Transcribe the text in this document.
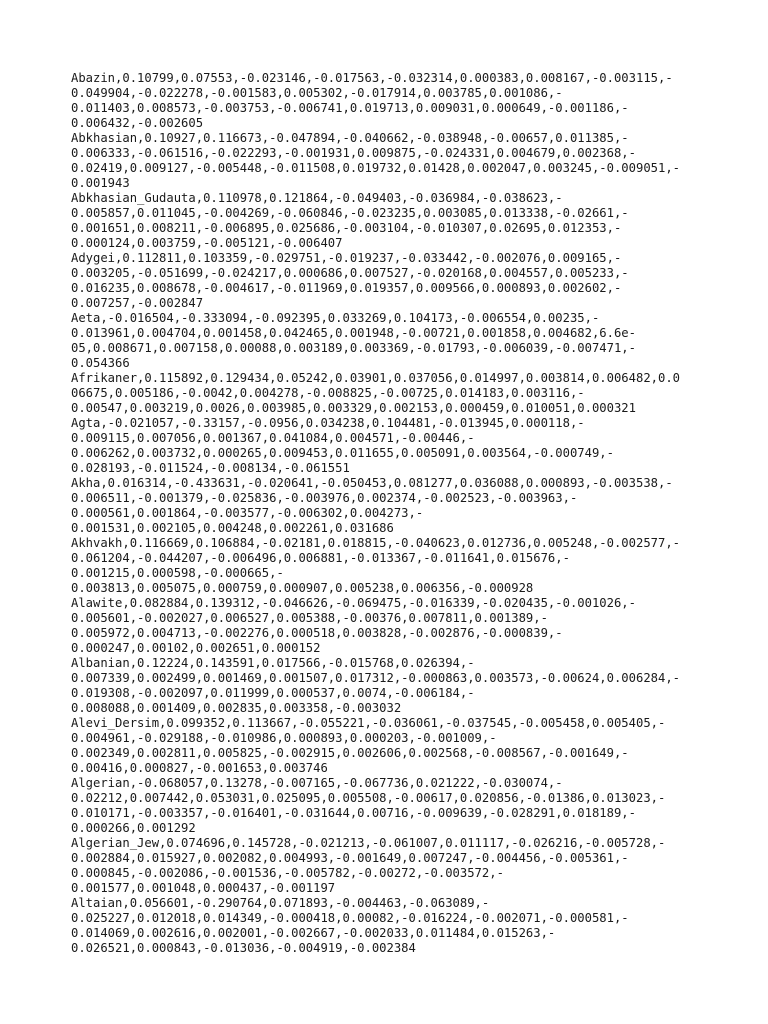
Abazin,0.10799,0.07553,-0.023146,-0.017563,-0.032314,0.000383,0.008167,-0.003115,-
0.049904,-0.022278,-0.001583,0.005302,-0.017914,0.003785,0.001086,-
0.011403,0.008573,-0.003753,-0.006741,0.019713,0.009031,0.000649,-0.001186,-
0.006432,-0.002605
Abkhasian,0.10927,0.116673,-0.047894,-0.040662,-0.038948,-0.00657,0.011385,-
0.006333,-0.061516,-0.022293,-0.001931,0.009875,-0.024331,0.004679,0.002368,-
0.02419,0.009127,-0.005448,-0.011508,0.019732,0.01428,0.002047,0.003245,-0.009051,-
0.001943
Abkhasian_Gudauta,0.110978,0.121864,-0.049403,-0.036984,-0.038623,-
0.005857,0.011045,-0.004269,-0.060846,-0.023235,0.003085,0.013338,-0.02661,-
0.001651,0.008211,-0.006895,0.025686,-0.003104,-0.010307,0.02695,0.012353,-
0.000124,0.003759,-0.005121,-0.006407
Adygei,0.112811,0.103359,-0.029751,-0.019237,-0.033442,-0.002076,0.009165,-
0.003205,-0.051699,-0.024217,0.000686,0.007527,-0.020168,0.004557,0.005233,-
0.016235,0.008678,-0.004617,-0.011969,0.019357,0.009566,0.000893,0.002602,-
0.007257,-0.002847
Aeta,-0.016504,-0.333094,-0.092395,0.033269,0.104173,-0.006554,0.00235,-
0.013961,0.004704,0.001458,0.042465,0.001948,-0.00721,0.001858,0.004682,6.6e-
05,0.008671,0.007158,0.00088,0.003189,0.003369,-0.01793,-0.006039,-0.007471,-
0.054366
Afrikaner,0.115892,0.129434,0.05242,0.03901,0.037056,0.014997,0.003814,0.006482,0.0
06675,0.005186,-0.0042,0.004278,-0.008825,-0.00725,0.014183,0.003116,-
0.00547,0.003219,0.0026,0.003985,0.003329,0.002153,0.000459,0.010051,0.000321
Agta,-0.021057,-0.33157,-0.0956,0.034238,0.104481,-0.013945,0.000118,-
0.009115,0.007056,0.001367,0.041084,0.004571,-0.00446,-
0.006262,0.003732,0.000265,0.009453,0.011655,0.005091,0.003564,-0.000749,-
0.028193,-0.011524,-0.008134,-0.061551
Akha,0.016314,-0.433631,-0.020641,-0.050453,0.081277,0.036088,0.000893,-0.003538,-
0.006511,-0.001379,-0.025836,-0.003976,0.002374,-0.002523,-0.003963,-
0.000561,0.001864,-0.003577,-0.006302,0.004273,-
0.001531,0.002105,0.004248,0.002261,0.031686
Akhvakh,0.116669,0.106884,-0.02181,0.018815,-0.040623,0.012736,0.005248,-0.002577,-
0.061204,-0.044207,-0.006496,0.006881,-0.013367,-0.011641,0.015676,-
0.001215,0.000598,-0.000665,-
0.003813,0.005075,0.000759,0.000907,0.005238,0.006356,-0.000928
Alawite,0.082884,0.139312,-0.046626,-0.069475,-0.016339,-0.020435,-0.001026,-
0.005601,-0.002027,0.006527,0.005388,-0.00376,0.007811,0.001389,-
0.005972,0.004713,-0.002276,0.000518,0.003828,-0.002876,-0.000839,-
0.000247,0.00102,0.002651,0.000152
Albanian,0.12224,0.143591,0.017566,-0.015768,0.026394,-
0.007339,0.002499,0.001469,0.001507,0.017312,-0.000863,0.003573,-0.00624,0.006284,-
0.019308,-0.002097,0.011999,0.000537,0.0074,-0.006184,-
0.008088,0.001409,0.002835,0.003358,-0.003032
Alevi_Dersim,0.099352,0.113667,-0.055221,-0.036061,-0.037545,-0.005458,0.005405,-
0.004961,-0.029188,-0.010986,0.000893,0.000203,-0.001009,-
0.002349,0.002811,0.005825,-0.002915,0.002606,0.002568,-0.008567,-0.001649,-
0.00416,0.000827,-0.001653,0.003746
Algerian,-0.068057,0.13278,-0.007165,-0.067736,0.021222,-0.030074,-
0.02212,0.007442,0.053031,0.025095,0.005508,-0.00617,0.020856,-0.01386,0.013023,-
0.010171,-0.003357,-0.016401,-0.031644,0.00716,-0.009639,-0.028291,0.018189,-
0.000266,0.001292
Algerian_Jew,0.074696,0.145728,-0.021213,-0.061007,0.011117,-0.026216,-0.005728,-
0.002884,0.015927,0.002082,0.004993,-0.001649,0.007247,-0.004456,-0.005361,-
0.000845,-0.002086,-0.001536,-0.005782,-0.00272,-0.003572,-
0.001577,0.001048,0.000437,-0.001197
Altaian,0.056601,-0.290764,0.071893,-0.004463,-0.063089,-
0.025227,0.012018,0.014349,-0.000418,0.00082,-0.016224,-0.002071,-0.000581,-
0.014069,0.002616,0.002001,-0.002667,-0.002033,0.011484,0.015263,-
0.026521,0.000843,-0.013036,-0.004919,-0.002384
